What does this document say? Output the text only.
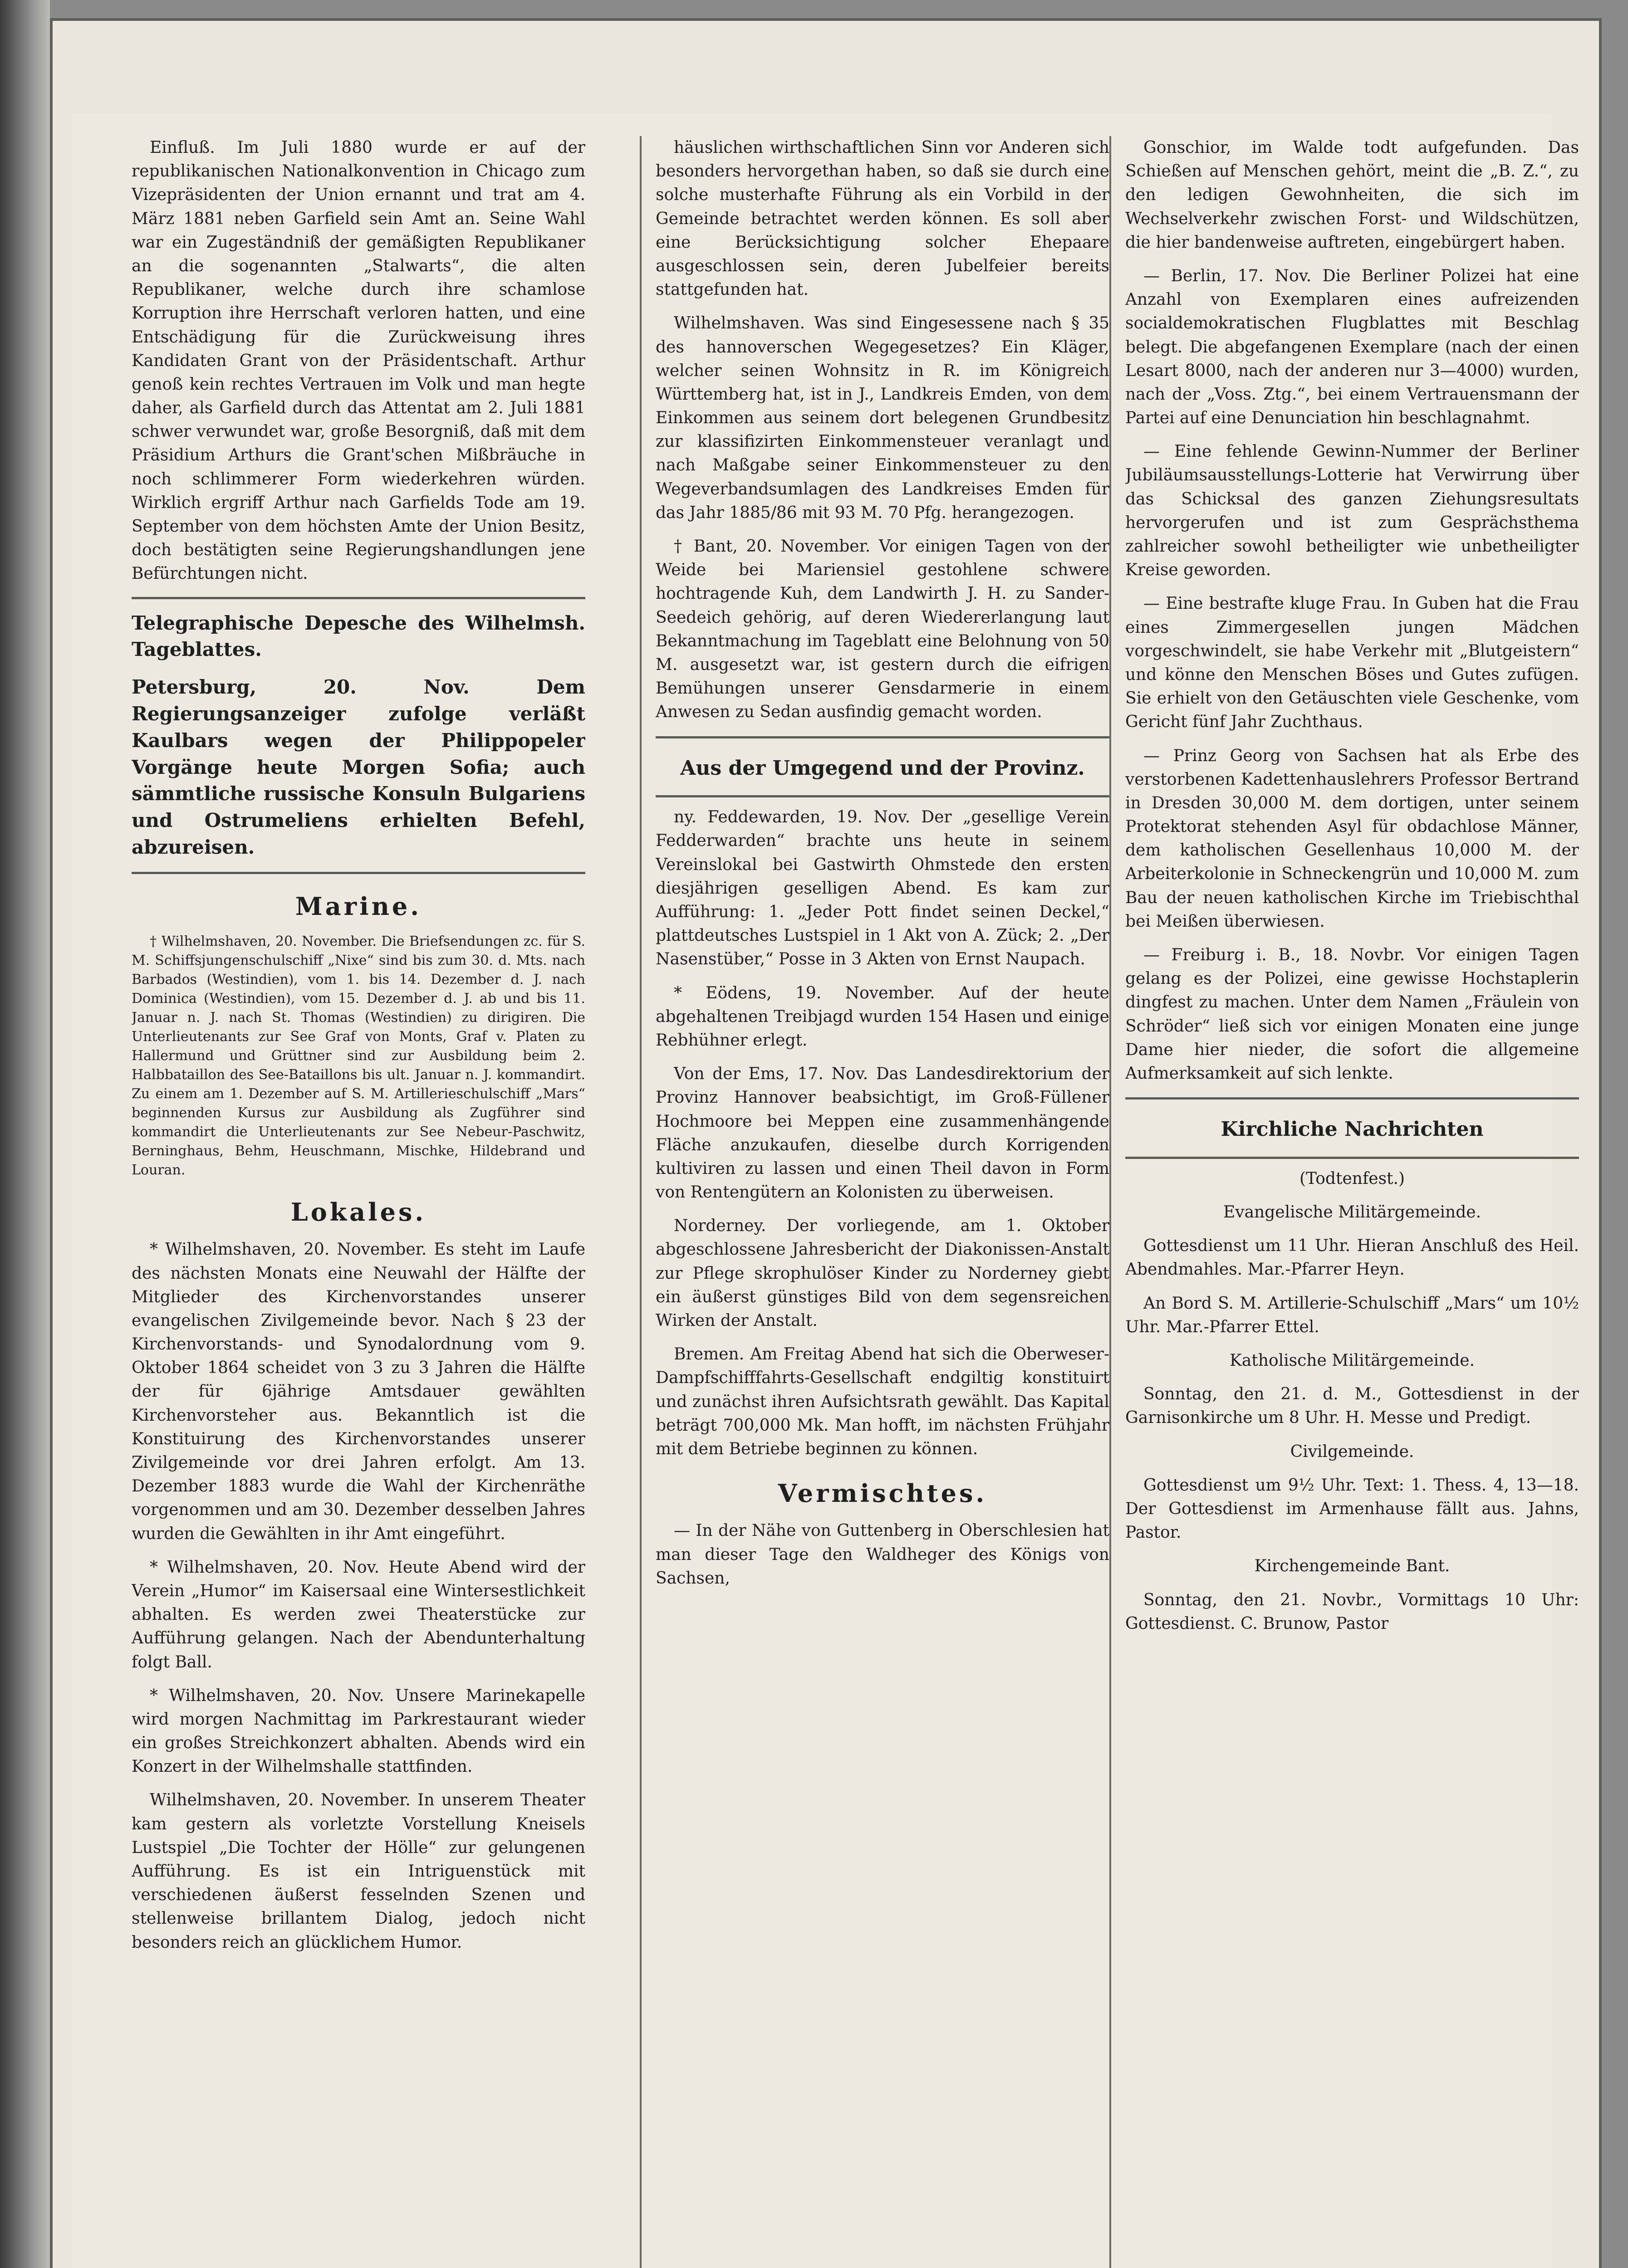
Einfluß. Im Juli 1880 wurde er auf der republikanischen Nationalkonvention in Chicago zum Vizepräsidenten der Union ernannt und trat am 4. März 1881 neben Garfield sein Amt an. Seine Wahl war ein Zugeständniß der gemäßigten Republikaner an die sogenannten „Stalwarts“, die alten Republikaner, welche durch ihre schamlose Korruption ihre Herrschaft verloren hatten, und eine Entschädigung für die Zurückweisung ihres Kandidaten Grant von der Präsidentschaft. Arthur genoß kein rechtes Vertrauen im Volk und man hegte daher, als Garfield durch das Attentat am 2. Juli 1881 schwer verwundet war, große Besorgniß, daß mit dem Präsidium Arthurs die Grant'schen Mißbräuche in noch schlimmerer Form wiederkehren würden. Wirklich ergriff Arthur nach Garfields Tode am 19. September von dem höchsten Amte der Union Besitz, doch bestätigten seine Regierungshandlungen jene Befürchtungen nicht.

Telegraphische Depesche des Wilhelmsh. Tageblattes.
Petersburg, 20. Nov. Dem Regierungsanzeiger zufolge verläßt Kaulbars wegen der Philippopeler Vorgänge heute Morgen Sofia; auch sämmtliche russische Konsuln Bulgariens und Ostrumeliens erhielten Befehl, abzureisen.
Marine.

† Wilhelmshaven, 20. November. Die Briefsendungen zc. für S. M. Schiffsjungenschulschiff „Nixe“ sind bis zum 30. d. Mts. nach Barbados (Westindien), vom 1. bis 14. Dezember d. J. nach Dominica (Westindien), vom 15. Dezember d. J. ab und bis 11. Januar n. J. nach St. Thomas (Westindien) zu dirigiren. Die Unterlieutenants zur See Graf von Monts, Graf v. Platen zu Hallermund und Grüttner sind zur Ausbildung beim 2. Halbbataillon des See-Bataillons bis ult. Januar n. J. kommandirt. Zu einem am 1. Dezember auf S. M. Artillerieschulschiff „Mars“ beginnenden Kursus zur Ausbildung als Zugführer sind kommandirt die Unterlieutenants zur See Nebeur-Paschwitz, Berninghaus, Behm, Heuschmann, Mischke, Hildebrand und Louran.

Lokales.

* Wilhelmshaven, 20. November. Es steht im Laufe des nächsten Monats eine Neuwahl der Hälfte der Mitglieder des Kirchenvorstandes unserer evangelischen Zivilgemeinde bevor. Nach § 23 der Kirchenvorstands- und Synodalordnung vom 9. Oktober 1864 scheidet von 3 zu 3 Jahren die Hälfte der für 6jährige Amtsdauer gewählten Kirchenvorsteher aus. Bekanntlich ist die Konstituirung des Kirchenvorstandes unserer Zivilgemeinde vor drei Jahren erfolgt. Am 13. Dezember 1883 wurde die Wahl der Kirchenräthe vorgenommen und am 30. Dezember desselben Jahres wurden die Gewählten in ihr Amt eingeführt.

* Wilhelmshaven, 20. Nov. Heute Abend wird der Verein „Humor“ im Kaisersaal eine Wintersestlichkeit abhalten. Es werden zwei Theaterstücke zur Aufführung gelangen. Nach der Abendunterhaltung folgt Ball.

* Wilhelmshaven, 20. Nov. Unsere Marinekapelle wird morgen Nachmittag im Parkrestaurant wieder ein großes Streichkonzert abhalten. Abends wird ein Konzert in der Wilhelmshalle stattfinden.

Wilhelmshaven, 20. November. In unserem Theater kam gestern als vorletzte Vorstellung Kneisels Lustspiel „Die Tochter der Hölle“ zur gelungenen Aufführung. Es ist ein Intriguenstück mit verschiedenen äußerst fesselnden Szenen und stellenweise brillantem Dialog, jedoch nicht besonders reich an glücklichem Humor.

häuslichen wirthschaftlichen Sinn vor Anderen sich besonders hervorgethan haben, so daß sie durch eine solche musterhafte Führung als ein Vorbild in der Gemeinde betrachtet werden können. Es soll aber eine Berücksichtigung solcher Ehepaare ausgeschlossen sein, deren Jubelfeier bereits stattgefunden hat.

Wilhelmshaven. Was sind Eingesessene nach § 35 des hannoverschen Wegegesetzes? Ein Kläger, welcher seinen Wohnsitz in R. im Königreich Württemberg hat, ist in J., Landkreis Emden, von dem Einkommen aus seinem dort belegenen Grundbesitz zur klassifizirten Einkommensteuer veranlagt und nach Maßgabe seiner Einkommensteuer zu den Wegeverbandsumlagen des Landkreises Emden für das Jahr 1885/86 mit 93 M. 70 Pfg. herangezogen.

† Bant, 20. November. Vor einigen Tagen von der Weide bei Mariensiel gestohlene schwere hochtragende Kuh, dem Landwirth J. H. zu Sander-Seedeich gehörig, auf deren Wiedererlangung laut Bekanntmachung im Tageblatt eine Belohnung von 50 M. ausgesetzt war, ist gestern durch die eifrigen Bemühungen unserer Gensdarmerie in einem Anwesen zu Sedan ausfindig gemacht worden.

Aus der Umgegend und der Provinz.

ny. Feddewarden, 19. Nov. Der „gesellige Verein Fedderwarden“ brachte uns heute in seinem Vereinslokal bei Gastwirth Ohmstede den ersten diesjährigen geselligen Abend. Es kam zur Aufführung: 1. „Jeder Pott findet seinen Deckel,“ plattdeutsches Lustspiel in 1 Akt von A. Zück; 2. „Der Nasenstüber,“ Posse in 3 Akten von Ernst Naupach.

* Eödens, 19. November. Auf der heute abgehaltenen Treibjagd wurden 154 Hasen und einige Rebhühner erlegt.

Von der Ems, 17. Nov. Das Landesdirektorium der Provinz Hannover beabsichtigt, im Groß-Füllener Hochmoore bei Meppen eine zusammenhängende Fläche anzukaufen, dieselbe durch Korrigenden kultiviren zu lassen und einen Theil davon in Form von Rentengütern an Kolonisten zu überweisen.

Norderney. Der vorliegende, am 1. Oktober abgeschlossene Jahresbericht der Diakonissen-Anstalt zur Pflege skrophulöser Kinder zu Norderney giebt ein äußerst günstiges Bild von dem segensreichen Wirken der Anstalt.

Bremen. Am Freitag Abend hat sich die Oberweser-Dampfschifffahrts-Gesellschaft endgiltig konstituirt und zunächst ihren Aufsichtsrath gewählt. Das Kapital beträgt 700,000 Mk. Man hofft, im nächsten Frühjahr mit dem Betriebe beginnen zu können.

Vermischtes.

— In der Nähe von Guttenberg in Oberschlesien hat man dieser Tage den Waldheger des Königs von Sachsen,

Gonschior, im Walde todt aufgefunden. Das Schießen auf Menschen gehört, meint die „B. Z.“, zu den ledigen Gewohnheiten, die sich im Wechselverkehr zwischen Forst- und Wildschützen, die hier bandenweise auftreten, eingebürgert haben.

— Berlin, 17. Nov. Die Berliner Polizei hat eine Anzahl von Exemplaren eines aufreizenden socialdemokratischen Flugblattes mit Beschlag belegt. Die abgefangenen Exemplare (nach der einen Lesart 8000, nach der anderen nur 3—4000) wurden, nach der „Voss. Ztg.“, bei einem Vertrauensmann der Partei auf eine Denunciation hin beschlagnahmt.

— Eine fehlende Gewinn-Nummer der Berliner Jubiläumsausstellungs-Lotterie hat Verwirrung über das Schicksal des ganzen Ziehungsresultats hervorgerufen und ist zum Gesprächsthema zahlreicher sowohl betheiligter wie unbetheiligter Kreise geworden.

— Eine bestrafte kluge Frau. In Guben hat die Frau eines Zimmergesellen jungen Mädchen vorgeschwindelt, sie habe Verkehr mit „Blutgeistern“ und könne den Menschen Böses und Gutes zufügen. Sie erhielt von den Getäuschten viele Geschenke, vom Gericht fünf Jahr Zuchthaus.

— Prinz Georg von Sachsen hat als Erbe des verstorbenen Kadettenhauslehrers Professor Bertrand in Dresden 30,000 M. dem dortigen, unter seinem Protektorat stehenden Asyl für obdachlose Männer, dem katholischen Gesellenhaus 10,000 M. der Arbeiterkolonie in Schneckengrün und 10,000 M. zum Bau der neuen katholischen Kirche im Triebischthal bei Meißen überwiesen.

— Freiburg i. B., 18. Novbr. Vor einigen Tagen gelang es der Polizei, eine gewisse Hochstaplerin dingfest zu machen. Unter dem Namen „Fräulein von Schröder“ ließ sich vor einigen Monaten eine junge Dame hier nieder, die sofort die allgemeine Aufmerksamkeit auf sich lenkte.

Kirchliche Nachrichten

(Todtenfest.)

Evangelische Militärgemeinde.

Gottesdienst um 11 Uhr. Hieran Anschluß des Heil. Abendmahles. Mar.-Pfarrer Heyn.

An Bord S. M. Artillerie-Schulschiff „Mars“ um 10½ Uhr. Mar.-Pfarrer Ettel.

Katholische Militärgemeinde.

Sonntag, den 21. d. M., Gottesdienst in der Garnisonkirche um 8 Uhr. H. Messe und Predigt.

Civilgemeinde.

Gottesdienst um 9½ Uhr. Text: 1. Thess. 4, 13—18. Der Gottesdienst im Armenhause fällt aus. Jahns, Pastor.

Kirchengemeinde Bant.

Sonntag, den 21. Novbr., Vormittags 10 Uhr: Gottesdienst. C. Brunow, Pastor
